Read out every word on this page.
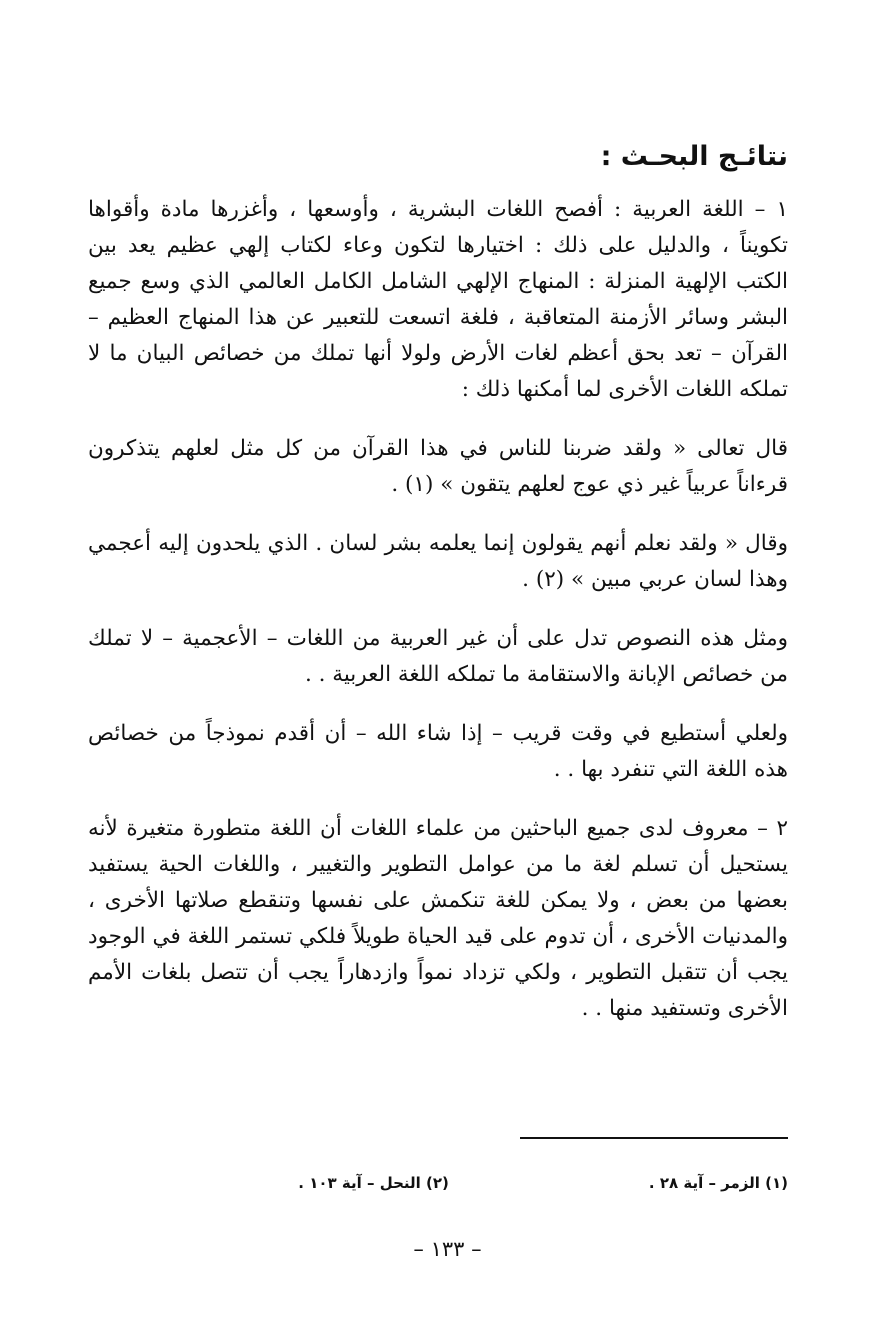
نتائـج البحـث :

١ – اللغة العربية : أفصح اللغات البشرية ، وأوسعها ، وأغزرها مادة وأقواها تكويناً ، والدليل على ذلك : اختيارها لتكون وعاء لكتاب إلهي عظيم يعد بين الكتب الإلهية المنزلة : المنهاج الإلهي الشامل الكامل العالمي الذي وسع جميع البشر وسائر الأزمنة المتعاقبة ، فلغة اتسعت للتعبير عن هذا المنهاج العظيم – القرآن – تعد بحق أعظم لغات الأرض ولولا أنها تملك من خصائص البيان ما لا تملكه اللغات الأخرى لما أمكنها ذلك :

قال تعالى « ولقد ضربنا للناس في هذا القرآن من كل مثل لعلهم يتذكرون قرءاناً عربياً غير ذي عوج لعلهم يتقون » (١) .

وقال « ولقد نعلم أنهم يقولون إنما يعلمه بشر لسان . الذي يلحدون إليه أعجمي وهذا لسان عربي مبين » (٢) .

ومثل هذه النصوص تدل على أن غير العربية من اللغات – الأعجمية – لا تملك من خصائص الإبانة والاستقامة ما تملكه اللغة العربية . .

ولعلي أستطيع في وقت قريب – إذا شاء الله – أن أقدم نموذجاً من خصائص هذه اللغة التي تنفرد بها . .

٢ – معروف لدى جميع الباحثين من علماء اللغات أن اللغة متطورة متغيرة لأنه يستحيل أن تسلم لغة ما من عوامل التطوير والتغيير ، واللغات الحية يستفيد بعضها من بعض ، ولا يمكن للغة تنكمش على نفسها وتنقطع صلاتها الأخرى ، والمدنيات الأخرى ، أن تدوم على قيد الحياة طويلاً فلكي تستمر اللغة في الوجود يجب أن تتقبل التطوير ، ولكي تزداد نمواً وازدهاراً يجب أن تتصل بلغات الأمم الأخرى وتستفيد منها . .

(١) الزمر – آية ٢٨ .
(٢) النحل – آية ١٠٣ .
– ١٣٣ –
